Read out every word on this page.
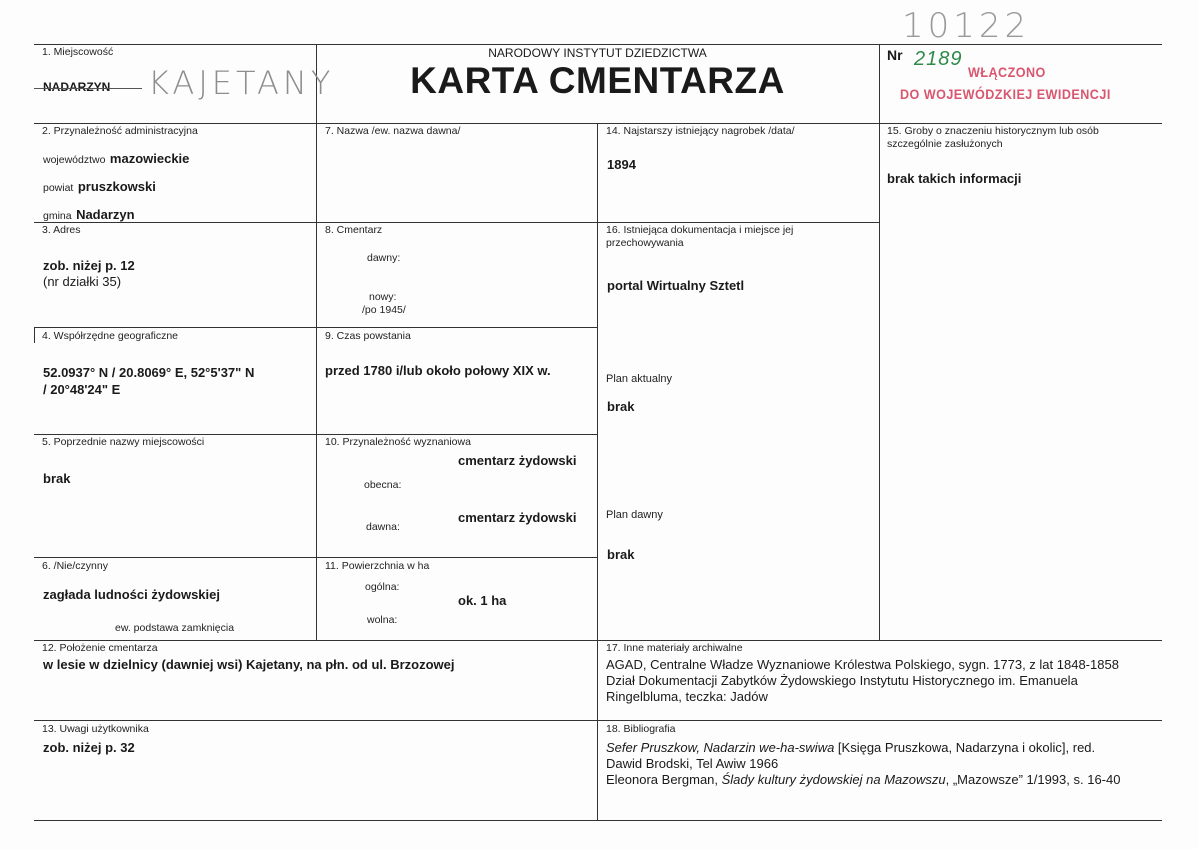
10122
1. Miejscowość
NADARZYN KAJETANY
NARODOWY INSTYTUT DZIEDZICTWA
KARTA CMENTARZA
Nr 2189
WŁĄCZONO
DO WOJEWÓDZKIEJ EWIDENCJI
2. Przynależność administracyjna
województwo mazowieckie
powiat pruszkowski
gmina Nadarzyn
3. Adres
zob. niżej p. 12
(nr działki 35)
4. Współrzędne geograficzne
52.0937° N / 20.8069° E, 52°5'37" N
/ 20°48'24" E
5. Poprzednie nazwy miejscowości
brak
6. /Nie/czynny
zagłada ludności żydowskiej
ew. podstawa zamknięcia
7. Nazwa /ew. nazwa dawna/
8. Cmentarz
dawny:
nowy:
/po 1945/
9. Czas powstania
przed 1780 i/lub około połowy XIX w.
10. Przynależność wyznaniowa
cmentarz żydowski
obecna:
cmentarz żydowski
dawna:
11. Powierzchnia w ha
ogólna:
ok. 1 ha
wolna:
14. Najstarszy istniejący nagrobek /data/
1894
15. Groby o znaczeniu historycznym lub osób
szczególnie zasłużonych
brak takich informacji
16. Istniejąca dokumentacja i miejsce jej
przechowywania
portal Wirtualny Sztetl
Plan aktualny
brak
Plan dawny
brak
12. Położenie cmentarza
w lesie w dzielnicy (dawniej wsi) Kajetany, na płn. od ul. Brzozowej
17. Inne materiały archiwalne
AGAD, Centralne Władze Wyznaniowe Królestwa Polskiego, sygn. 1773, z lat 1848-1858
Dział Dokumentacji Zabytków Żydowskiego Instytutu Historycznego im. Emanuela
Ringelbluma, teczka: Jadów
13. Uwagi użytkownika
zob. niżej p. 32
18. Bibliografia
Sefer Pruszkow, Nadarzin we-ha-swiwa [Księga Pruszkowa, Nadarzyna i okolic], red.
Dawid Brodski, Tel Awiw 1966
Eleonora Bergman, Ślady kultury żydowskiej na Mazowszu, „Mazowsze” 1/1993, s. 16-40
